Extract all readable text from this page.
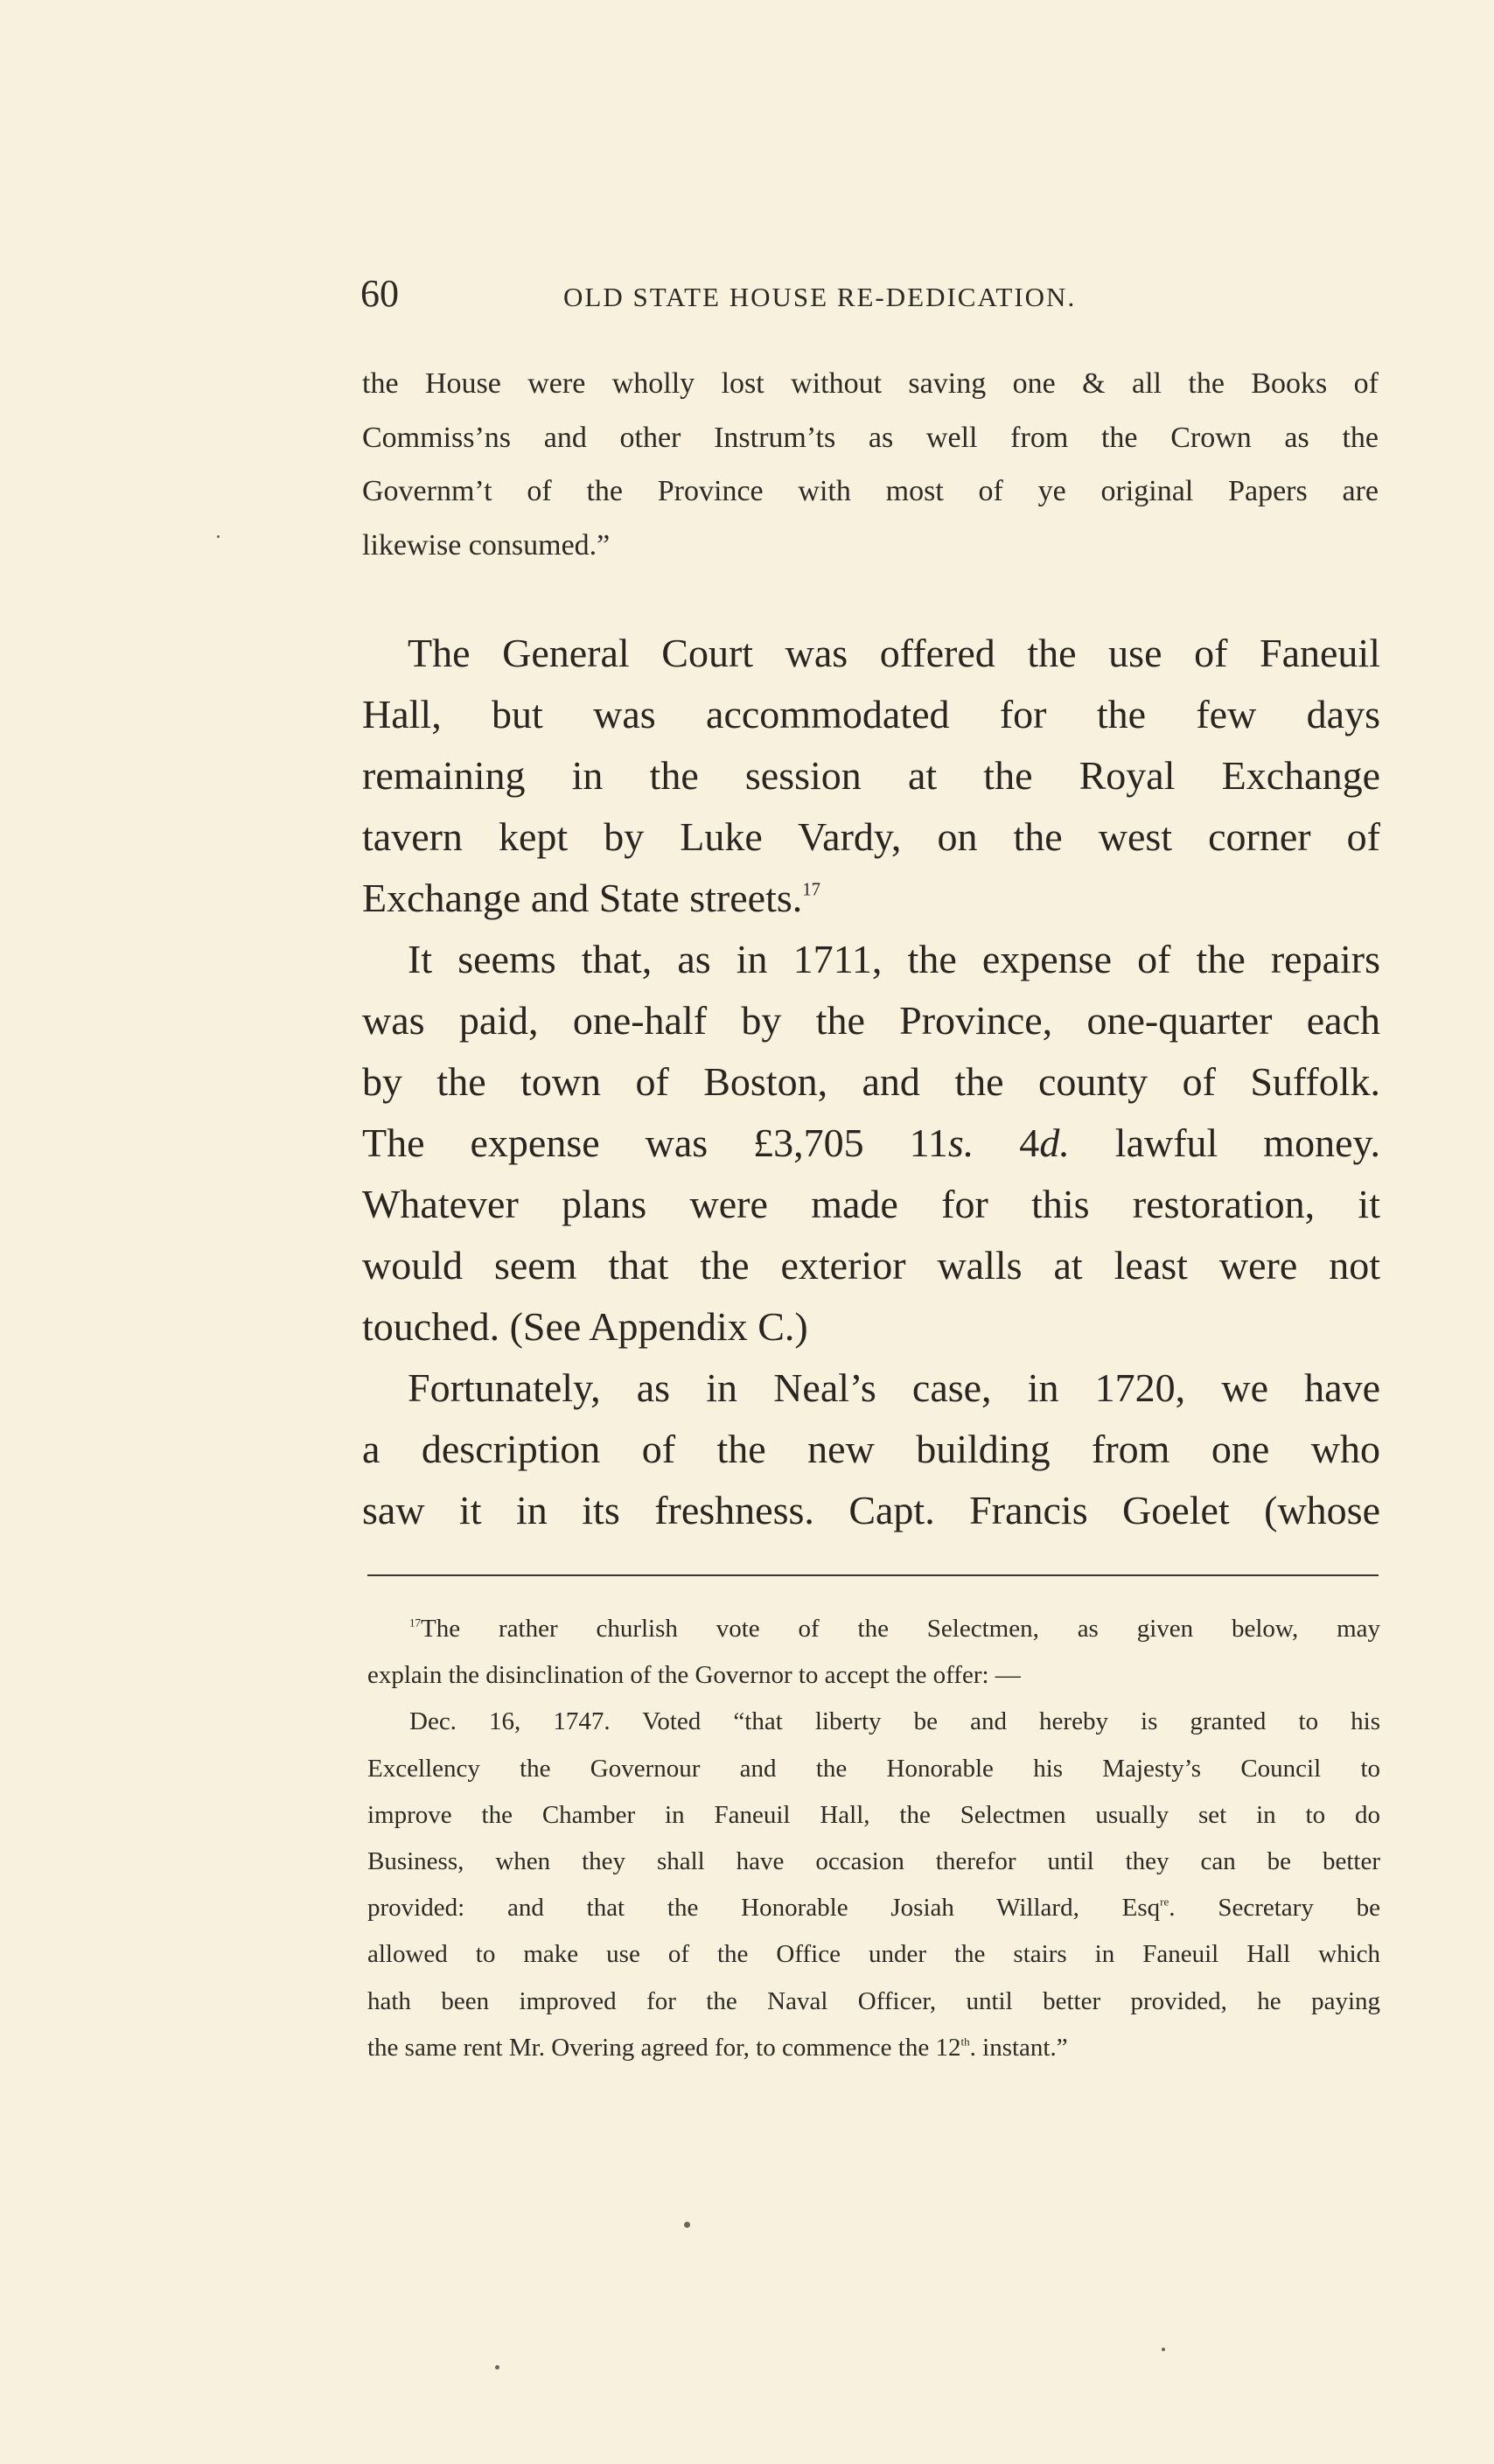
60	OLD STATE HOUSE RE-DEDICATION.
the House were wholly lost without saving one & all the Books of
Commiss’ns and other Instrum’ts as well from the Crown as the
Governm’t of the Province with most of ye original Papers are
likewise consumed.”
The General Court was offered the use of Faneuil
Hall, but was accommodated for the few days
remaining in the session at the Royal Exchange
tavern kept by Luke Vardy, on the west corner of
Exchange and State streets.$^{17}$
It seems that, as in 1711, the expense of the repairs
was paid, one-half by the Province, one-quarter each
by the town of Boston, and the county of Suffolk.
The expense was £3,705 11s. 4d. lawful money.
Whatever plans were made for this restoration, it
would seem that the exterior walls at least were not
touched. (See Appendix C.)
Fortunately, as in Neal’s case, in 1720, we have
a description of the new building from one who
saw it in its freshness. Capt. Francis Goelet (whose
$^{17}$The rather churlish vote of the Selectmen, as given below, may
explain the disinclination of the Governor to accept the offer: —
Dec. 16, 1747. Voted “that liberty be and hereby is granted to his
Excellency the Governour and the Honorable his Majesty’s Council to
improve the Chamber in Faneuil Hall, the Selectmen usually set in to do
Business, when they shall have occasion therefor until they can be better
provided: and that the Honorable Josiah Willard, Esq$^{re}$. Secretary be
allowed to make use of the Office under the stairs in Faneuil Hall which
hath been improved for the Naval Officer, until better provided, he paying
the same rent Mr. Overing agreed for, to commence the 12th. instant.”
